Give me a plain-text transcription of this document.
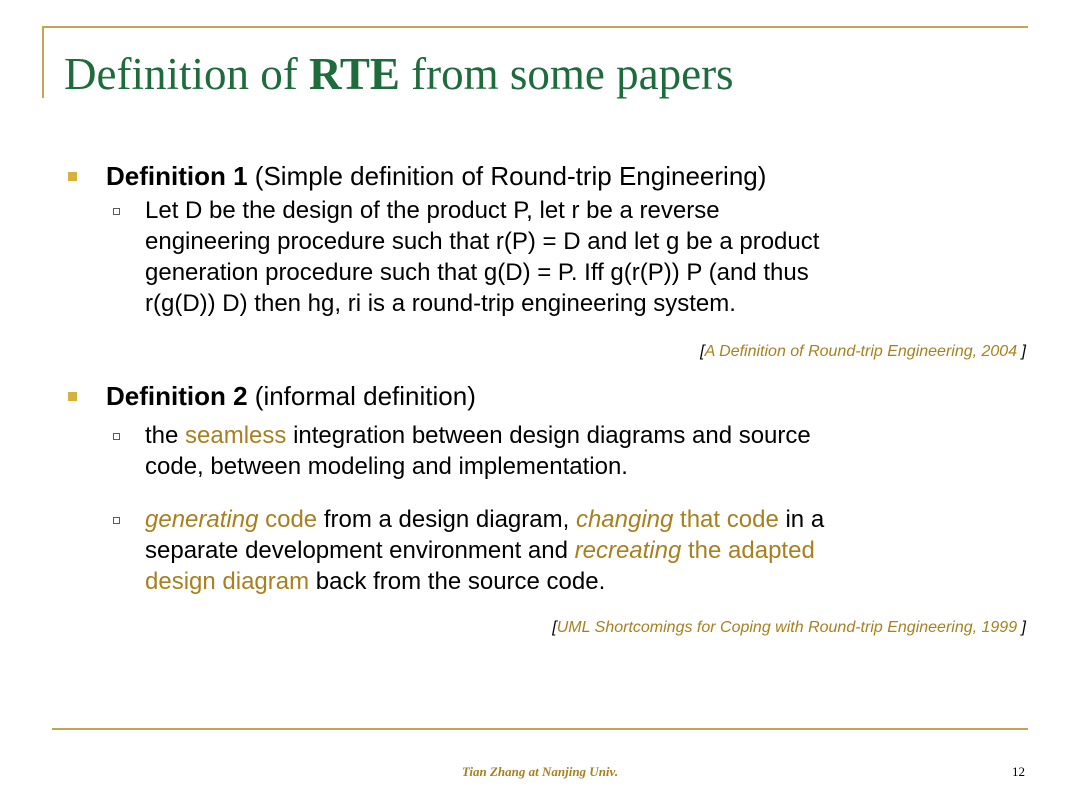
Definition of RTE from some papers

Definition 1 (Simple definition of Round-trip Engineering)

Let D be the design of the product P, let r be a reverse
engineering procedure such that r(P) = D and let g be a product
generation procedure such that g(D) = P. Iff g(r(P)) P (and thus
r(g(D)) D) then hg, ri is a round-trip engineering system.

[A Definition of Round-trip Engineering, 2004 ]

Definition 2 (informal definition)

the seamless integration between design diagrams and source
code, between modeling and implementation.

generating code from a design diagram, changing that code in a
separate development environment and recreating the adapted
design diagram back from the source code.

[UML Shortcomings for Coping with Round-trip Engineering, 1999 ]

Tian Zhang at Nanjing Univ.	12
